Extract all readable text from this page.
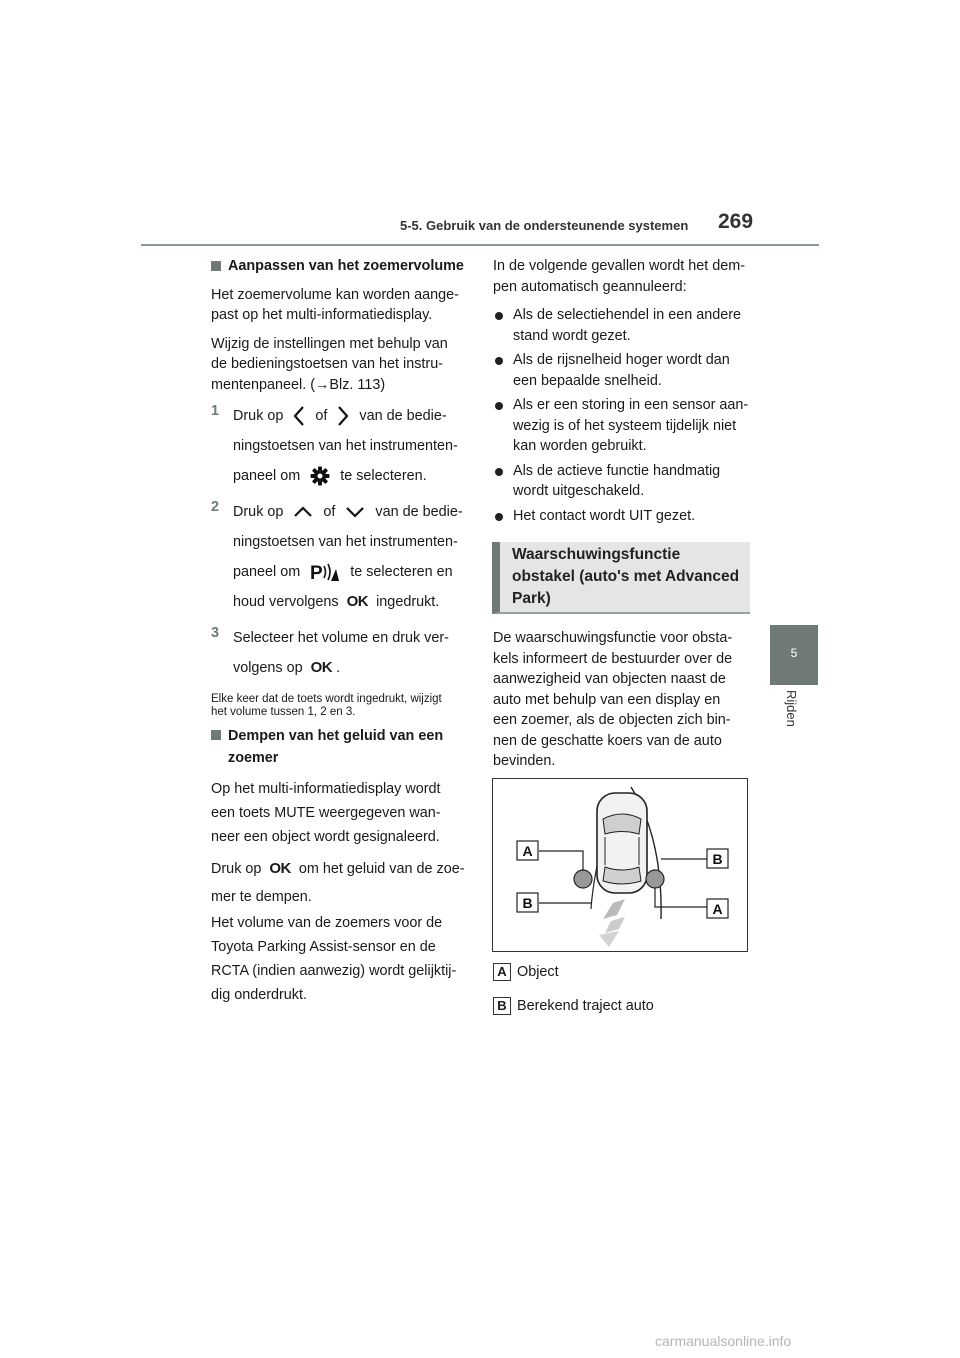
5-5. Gebruik van de ondersteunende systemen 269
5
Rijden
Aanpassen van het zoemervolume

Het zoemervolume kan worden aange-
past op het multi-informatiedisplay.

Wijzig de instellingen met behulp van
de bedieningstoetsen van het instru-
mentenpaneel. (→Blz. 113)

1 Druk op of van de bedie-
ningstoetsen van het instrumenten-
paneel om	te selecteren.
2 Druk op	of	van de bedie-
ningstoetsen van het instrumenten-
paneel om P te selecteren en
houd vervolgens OK ingedrukt.
3 Selecteer het volume en druk ver-
volgens op OK .

Elke keer dat de toets wordt ingedrukt, wijzigt
het volume tussen 1, 2 en 3.

Dempen van het geluid van een
zoemer

Op het multi-informatiedisplay wordt
een toets MUTE weergegeven wan-
neer een object wordt gesignaleerd.

Druk op OK om het geluid van de zoe-
mer te dempen.

Het volume van de zoemers voor de
Toyota Parking Assist-sensor en de
RCTA (indien aanwezig) wordt gelijktij-
dig onderdrukt.

In de volgende gevallen wordt het dem-
pen automatisch geannuleerd:

Als de selectiehendel in een andere
stand wordt gezet.
Als de rijsnelheid hoger wordt dan
een bepaalde snelheid.
Als er een storing in een sensor aan-
wezig is of het systeem tijdelijk niet
kan worden gebruikt.
Als de actieve functie handmatig
wordt uitgeschakeld.
Het contact wordt UIT gezet.
Waarschuwingsfunctie
obstakel (auto's met Advanced
Park)

De waarschuwingsfunctie voor obsta-
kels informeert de bestuurder over de
aanwezigheid van objecten naast de
auto met behulp van een display en
een zoemer, als de objecten zich bin-
nen de geschatte koers van de auto
bevinden.

A
B
B
A
A Object
B Berekend traject auto
carmanualsonline.info
